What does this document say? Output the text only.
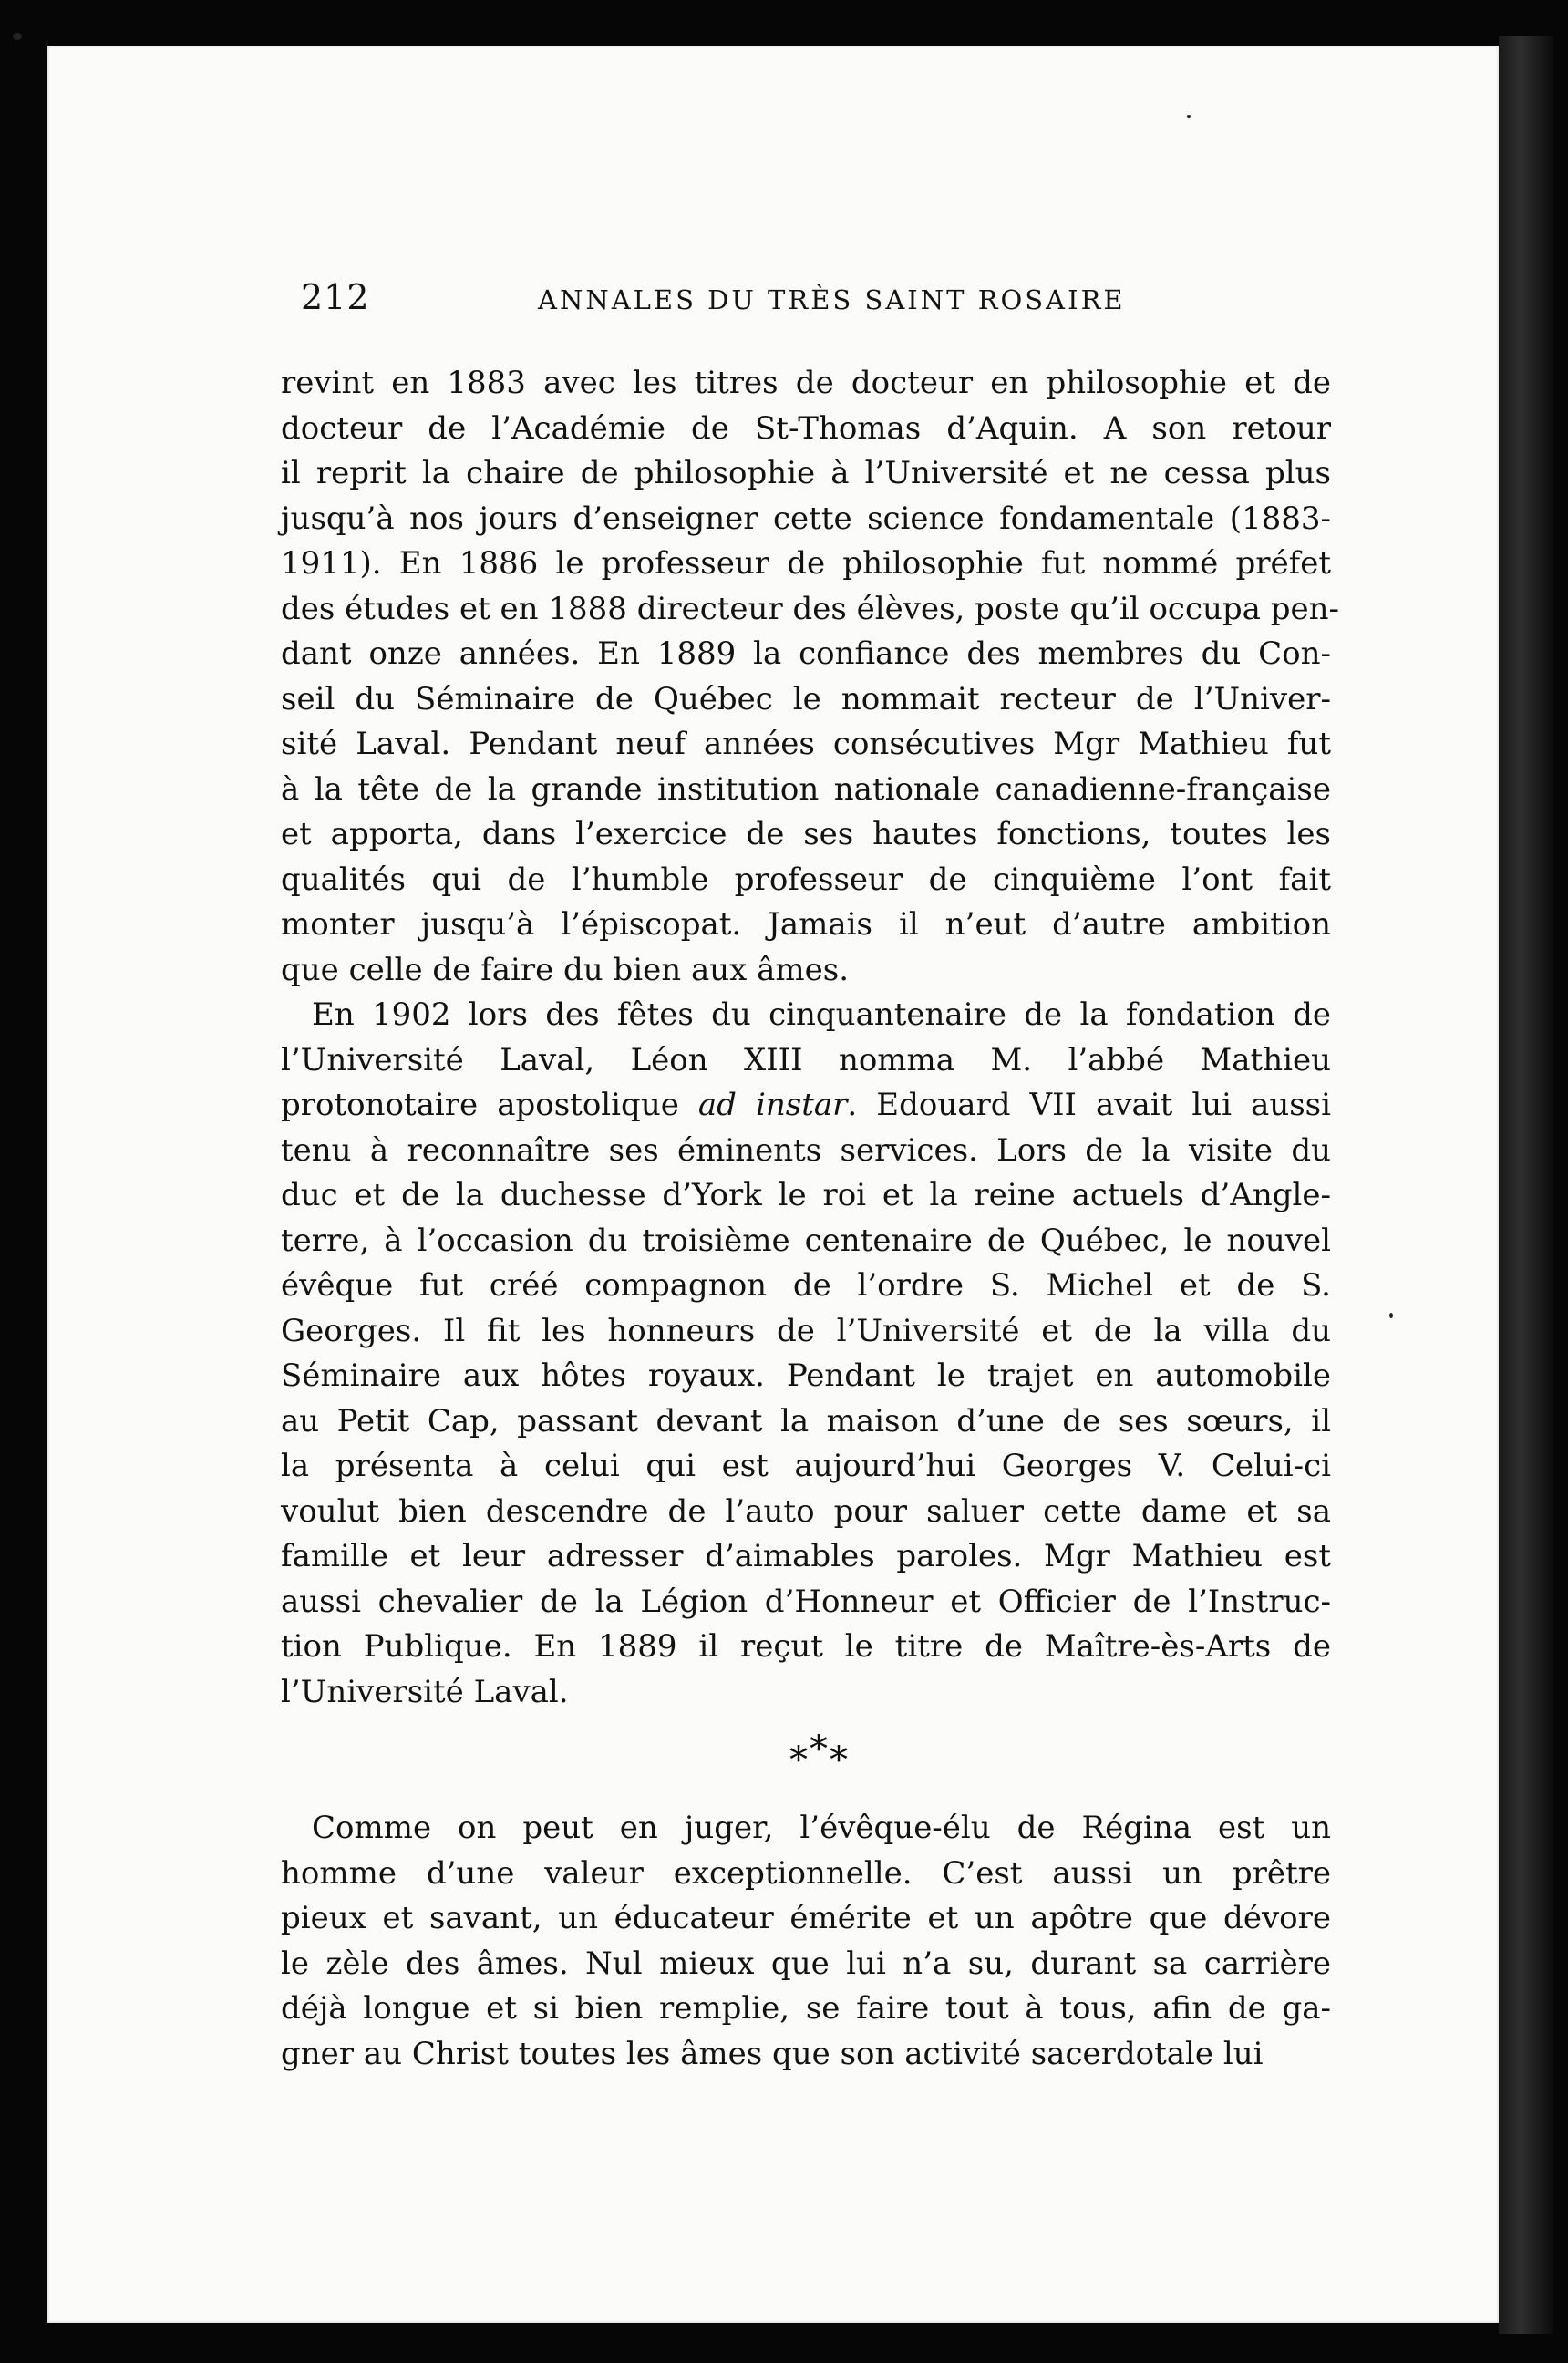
212	ANNALES DU TRÈS SAINT ROSAIRE

revint en 1883 avec les titres de docteur en philosophie et de
docteur de l’Académie de St-Thomas d’Aquin. A son retour
il reprit la chaire de philosophie à l’Université et ne cessa plus
jusqu’à nos jours d’enseigner cette science fondamentale (1883-
1911). En 1886 le professeur de philosophie fut nommé préfet
des études et en 1888 directeur des élèves, poste qu’il occupa pen-
dant onze années. En 1889 la confiance des membres du Con-
seil du Séminaire de Québec le nommait recteur de l’Univer-
sité Laval. Pendant neuf années consécutives Mgr Mathieu fut
à la tête de la grande institution nationale canadienne-française
et apporta, dans l’exercice de ses hautes fonctions, toutes les
qualités qui de l’humble professeur de cinquième l’ont fait
monter jusqu’à l’épiscopat. Jamais il n’eut d’autre ambition
que celle de faire du bien aux âmes.

En 1902 lors des fêtes du cinquantenaire de la fondation de
l’Université Laval, Léon XIII nomma M. l’abbé Mathieu
protonotaire apostolique ad instar. Edouard VII avait lui aussi
tenu à reconnaître ses éminents services. Lors de la visite du
duc et de la duchesse d’York le roi et la reine actuels d’Angle-
terre, à l’occasion du troisième centenaire de Québec, le nouvel
évêque fut créé compagnon de l’ordre S. Michel et de S.
Georges. Il fit les honneurs de l’Université et de la villa du
Séminaire aux hôtes royaux. Pendant le trajet en automobile
au Petit Cap, passant devant la maison d’une de ses sœurs, il
la présenta à celui qui est aujourd’hui Georges V. Celui-ci
voulut bien descendre de l’auto pour saluer cette dame et sa
famille et leur adresser d’aimables paroles. Mgr Mathieu est
aussi chevalier de la Légion d’Honneur et Officier de l’Instruc-
tion Publique. En 1889 il reçut le titre de Maître-ès-Arts de
l’Université Laval.

***

Comme on peut en juger, l’évêque-élu de Régina est un
homme d’une valeur exceptionnelle. C’est aussi un prêtre
pieux et savant, un éducateur émérite et un apôtre que dévore
le zèle des âmes. Nul mieux que lui n’a su, durant sa carrière
déjà longue et si bien remplie, se faire tout à tous, afin de ga-
gner au Christ toutes les âmes que son activité sacerdotale lui
